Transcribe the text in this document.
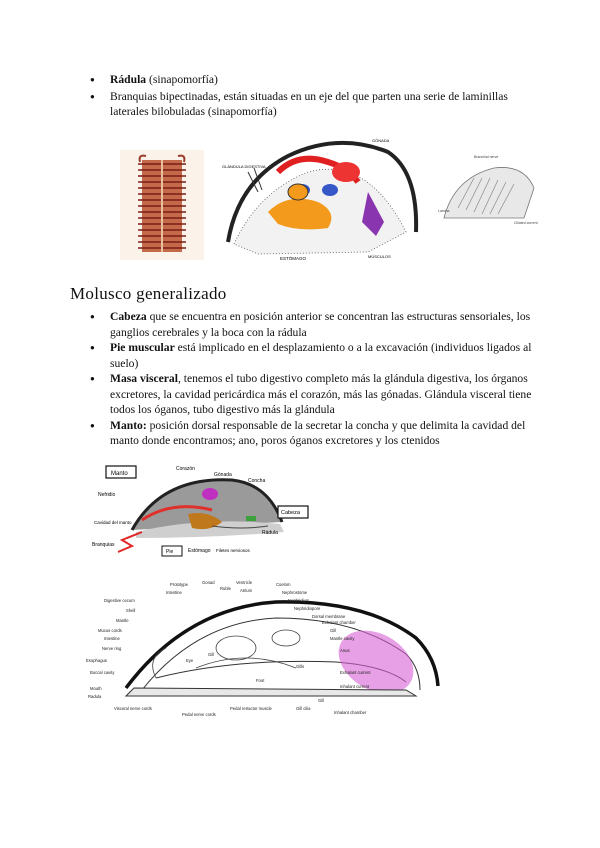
● Rádula (sinapomorfía)
● Branquias bipectinadas, están situadas en un eje del que parten una serie de laminillas laterales bilobuladas (sinapomorfía)
GLÁNDULA DIGESTIVA
ESTÓMAGO	MÚSCULOS
GÓNADA
Branchial nerve
Lamina
Ciliated current
Molusco generalizado
● Cabeza que se encuentra en posición anterior se concentran las estructuras sensoriales, los ganglios cerebrales y la boca con la rádula
● Pie muscular está implicado en el desplazamiento o a la excavación (individuos ligados al suelo)
● Masa visceral, tenemos el tubo digestivo completo más la glándula digestiva, los órganos excretores, la cavidad pericárdica más el corazón, más las gónadas. Glándula visceral tiene todos los óganos, tubo digestivo más la glándula
● Manto: posición dorsal responsable de la secretar la concha y que delimita la cavidad del manto donde encontramos; ano, poros óganos excretores y los ctenidos
Manto
Cabeza
Pie
Corazón
Gónada
Concha
Nefridio
Cavidad del manto
Branquias
Estómago Filetes nerviosos
Rádula
Digestive cecum
Shell
Mantle
Mucus cords
Intestine
Nerve ring
Esophagus
Buccal cavity
Mouth
Radula
Prototype
Intestine
Gonad
Ruble
Ventricle
Atrium
Coelom
Nephrostome
Nephridium
Nephridiopore
Dorsal membrane
Exhalant chamber
Gill
Mantle cavity
Anus
Exhalant current
Inhalant current
Gill
Inhalant chamber
Visceral nerve cords
Pedal nerve cords
Pedal retractor muscle	Gill cilia
Gill
Foot
Gills
Eye
